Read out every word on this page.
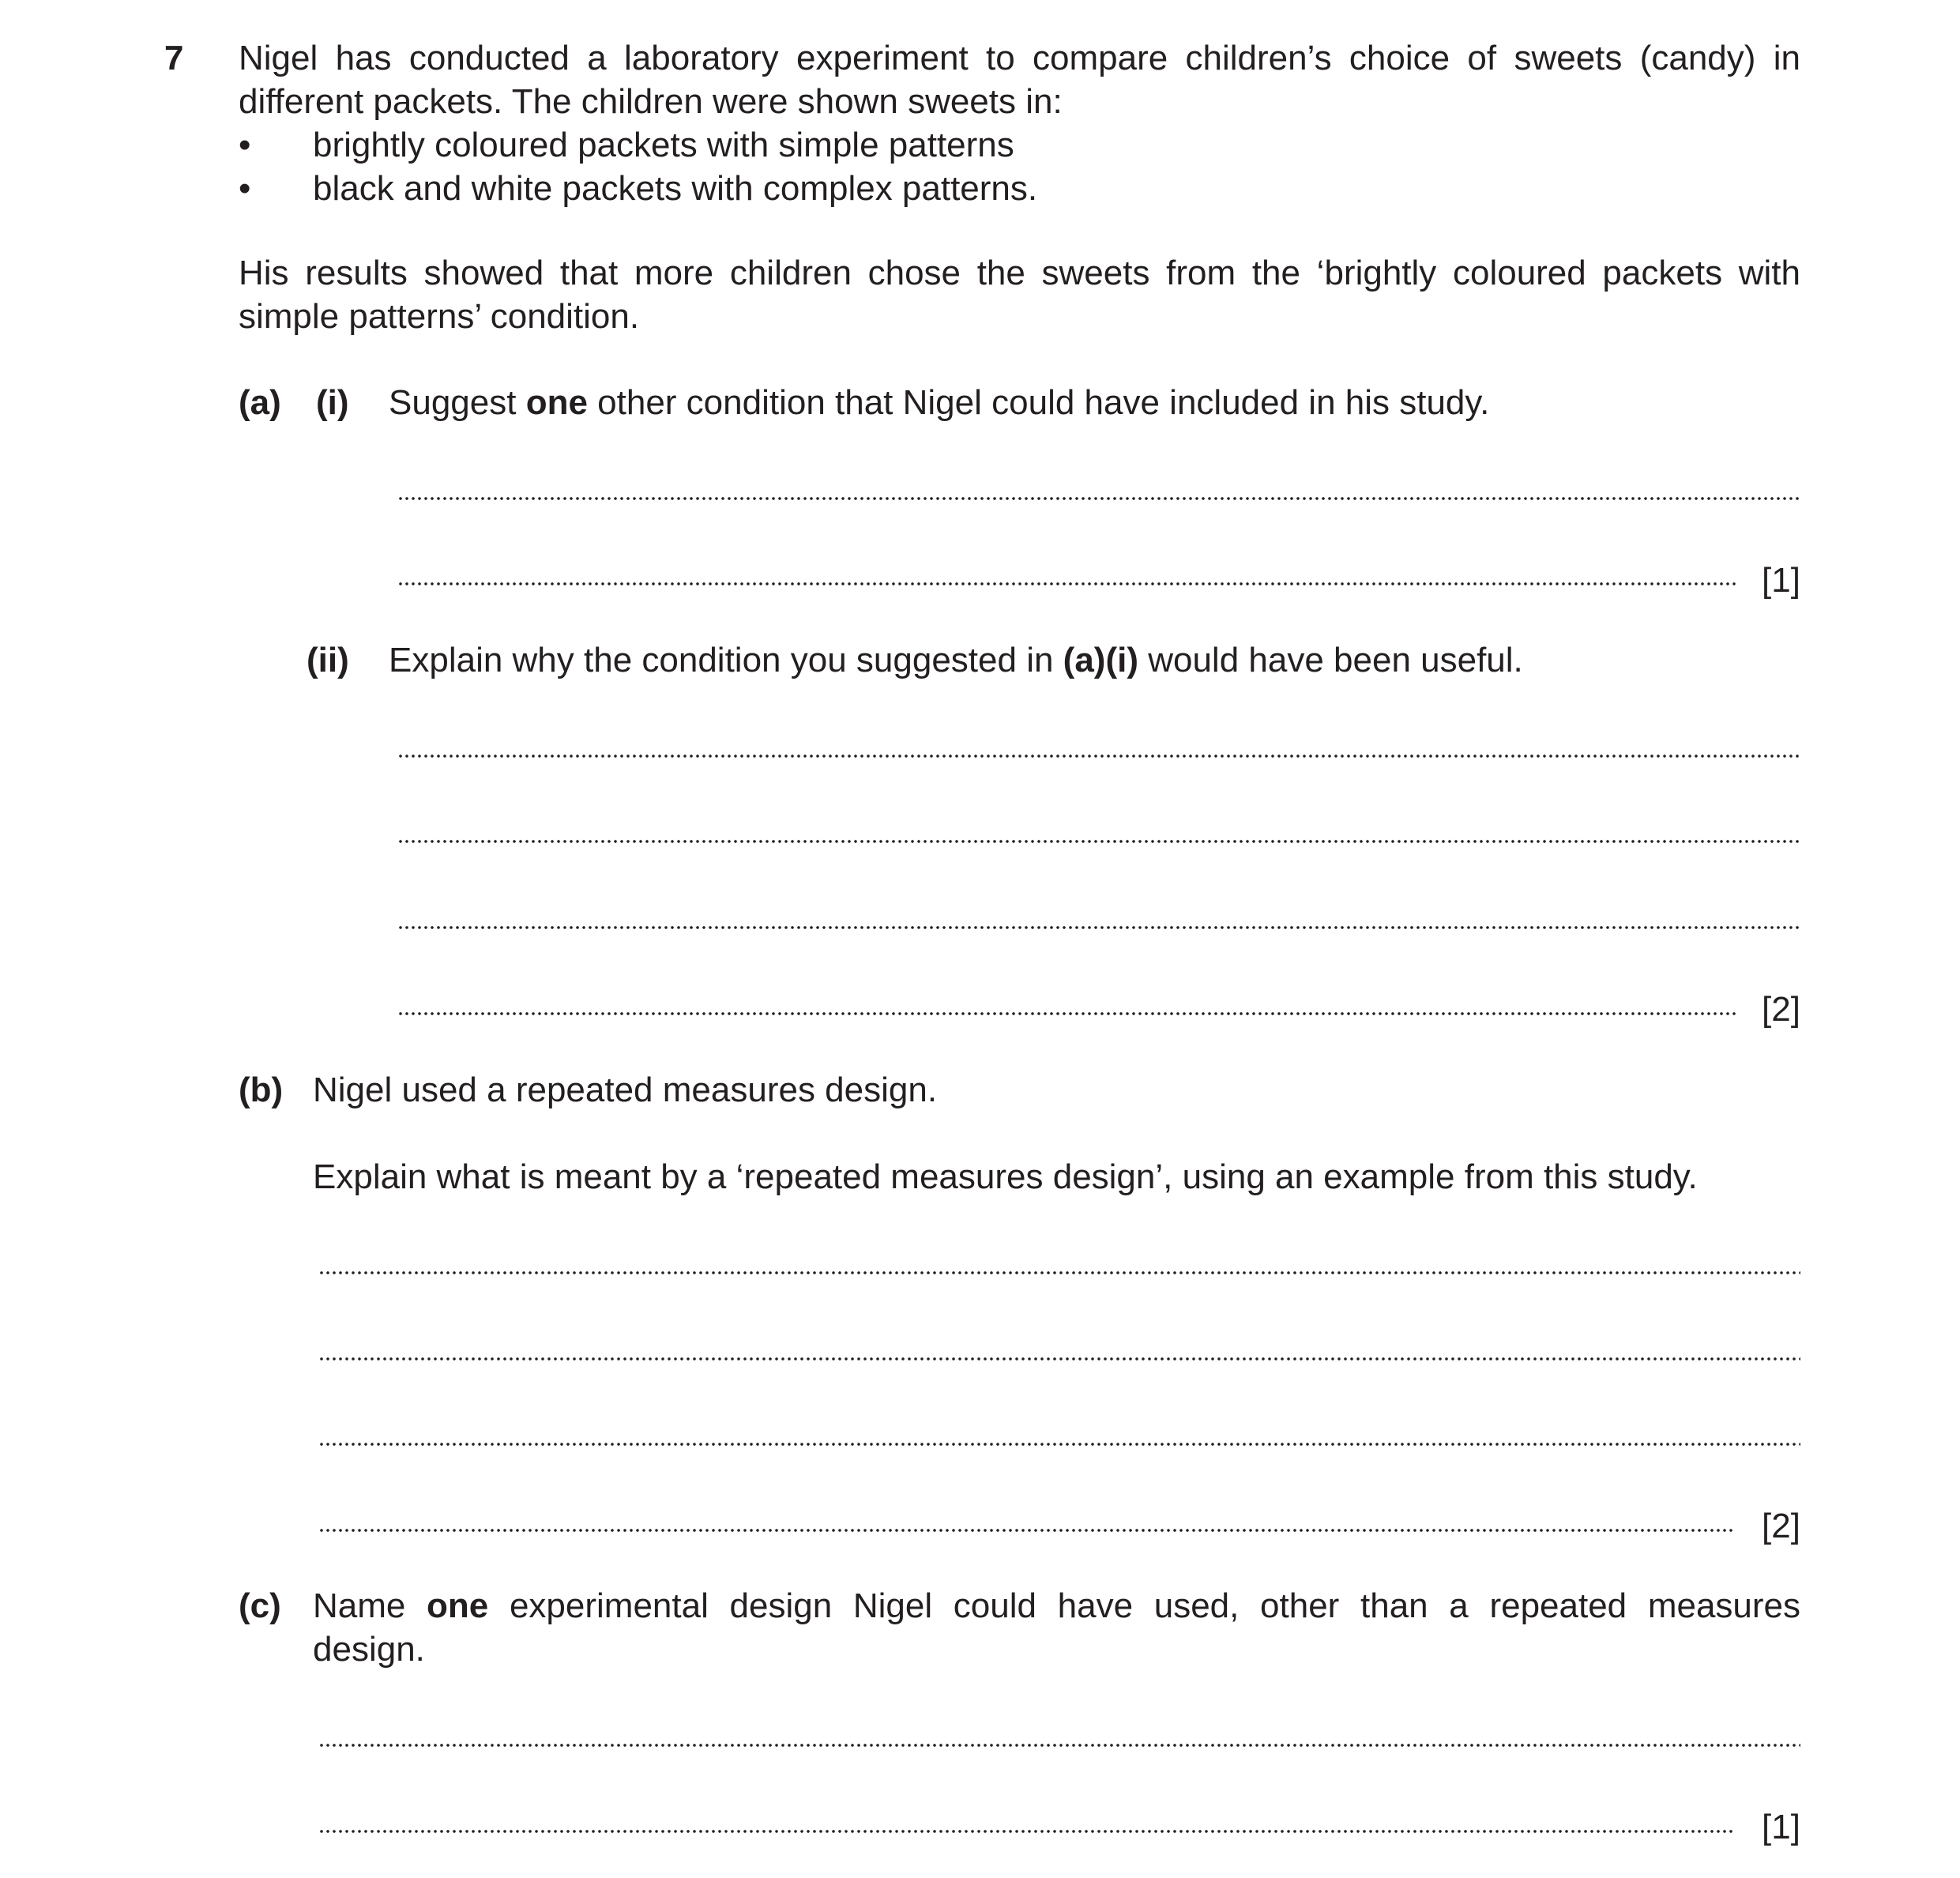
7 Nigel has conducted a laboratory experiment to compare children’s choice of sweets (candy) in
different packets. The children were shown sweets in:
• brightly coloured packets with simple patterns
• black and white packets with complex patterns.
His results showed that more children chose the sweets from the ‘brightly coloured packets with
simple patterns’ condition.
(a) (i) Suggest one other condition that Nigel could have included in his study.
[1]
(ii) Explain why the condition you suggested in (a)(i) would have been useful.
[2]
(b) Nigel used a repeated measures design.
Explain what is meant by a ‘repeated measures design’, using an example from this study.
[2]
(c) Name one experimental design Nigel could have used, other than a repeated measures
design.
[1]
